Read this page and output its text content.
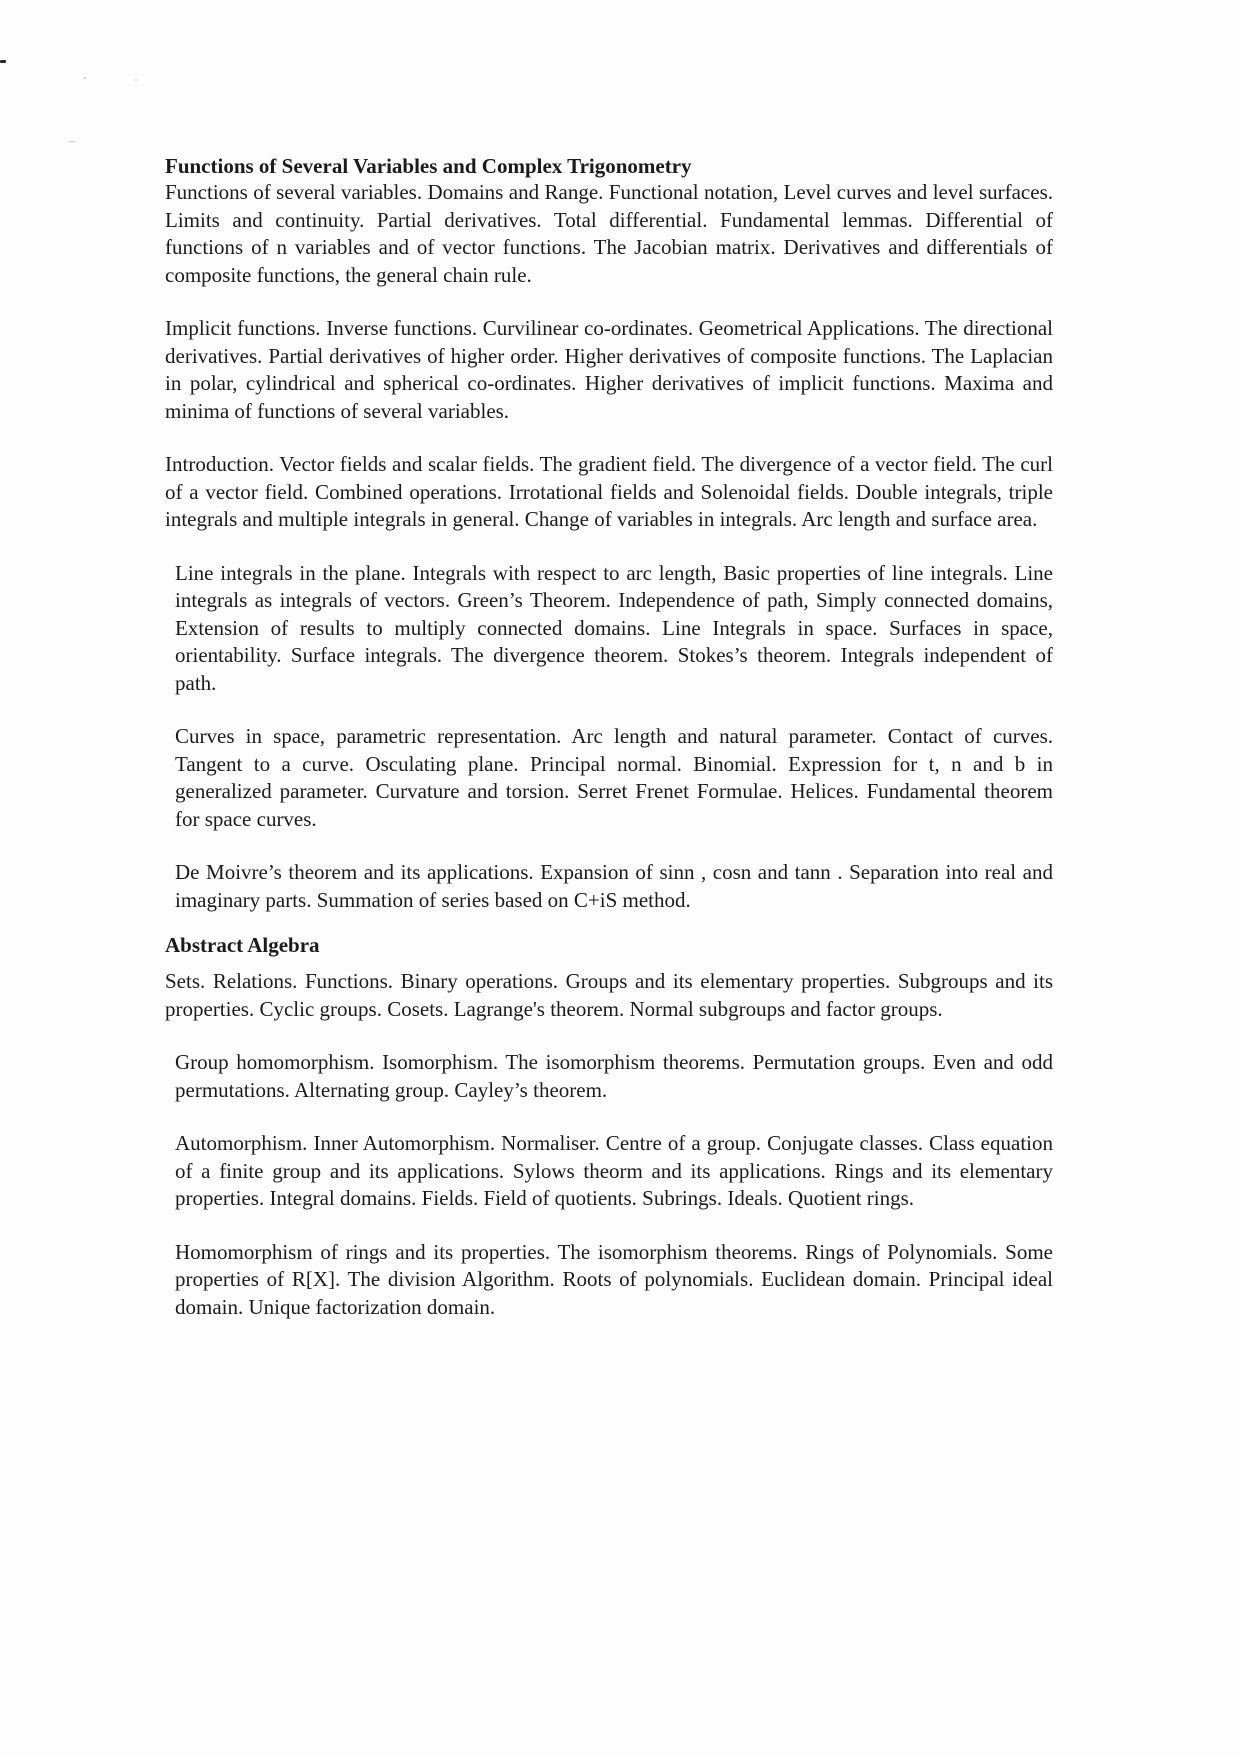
Functions of Several Variables and Complex Trigonometry

Functions of several variables. Domains and Range. Functional notation, Level curves and level surfaces. Limits and continuity. Partial derivatives. Total differential. Fundamental lemmas. Differential of functions of n variables and of vector functions. The Jacobian matrix. Derivatives and differentials of composite functions, the general chain rule.

Implicit functions. Inverse functions. Curvilinear co-ordinates. Geometrical Applications. The directional derivatives. Partial derivatives of higher order. Higher derivatives of composite functions. The Laplacian in polar, cylindrical and spherical co-ordinates. Higher derivatives of implicit functions. Maxima and minima of functions of several variables.

Introduction. Vector fields and scalar fields. The gradient field. The divergence of a vector field. The curl of a vector field. Combined operations. Irrotational fields and Solenoidal fields. Double integrals, triple integrals and multiple integrals in general. Change of variables in integrals. Arc length and surface area.

Line integrals in the plane. Integrals with respect to arc length, Basic properties of line integrals. Line integrals as integrals of vectors. Green’s Theorem. Independence of path, Simply connected domains, Extension of results to multiply connected domains. Line Integrals in space. Surfaces in space, orientability. Surface integrals. The divergence theorem. Stokes’s theorem. Integrals independent of path.

Curves in space, parametric representation. Arc length and natural parameter. Contact of curves. Tangent to a curve. Osculating plane. Principal normal. Binomial. Expression for t, n and b in generalized parameter. Curvature and torsion. Serret Frenet Formulae. Helices. Fundamental theorem for space curves.

De Moivre’s theorem and its applications. Expansion of sinn , cosn and tann . Separation into real and imaginary parts. Summation of series based on C+iS method.

Abstract Algebra

Sets. Relations. Functions. Binary operations. Groups and its elementary properties. Subgroups and its properties. Cyclic groups. Cosets. Lagrange's theorem. Normal subgroups and factor groups.

Group homomorphism. Isomorphism. The isomorphism theorems. Permutation groups. Even and odd permutations. Alternating group. Cayley’s theorem.

Automorphism. Inner Automorphism. Normaliser. Centre of a group. Conjugate classes. Class equation of a finite group and its applications. Sylows theorm and its applications. Rings and its elementary properties. Integral domains. Fields. Field of quotients. Subrings. Ideals. Quotient rings.

Homomorphism of rings and its properties. The isomorphism theorems. Rings of Polynomials. Some properties of R[X]. The division Algorithm. Roots of polynomials. Euclidean domain. Principal ideal domain. Unique factorization domain.
